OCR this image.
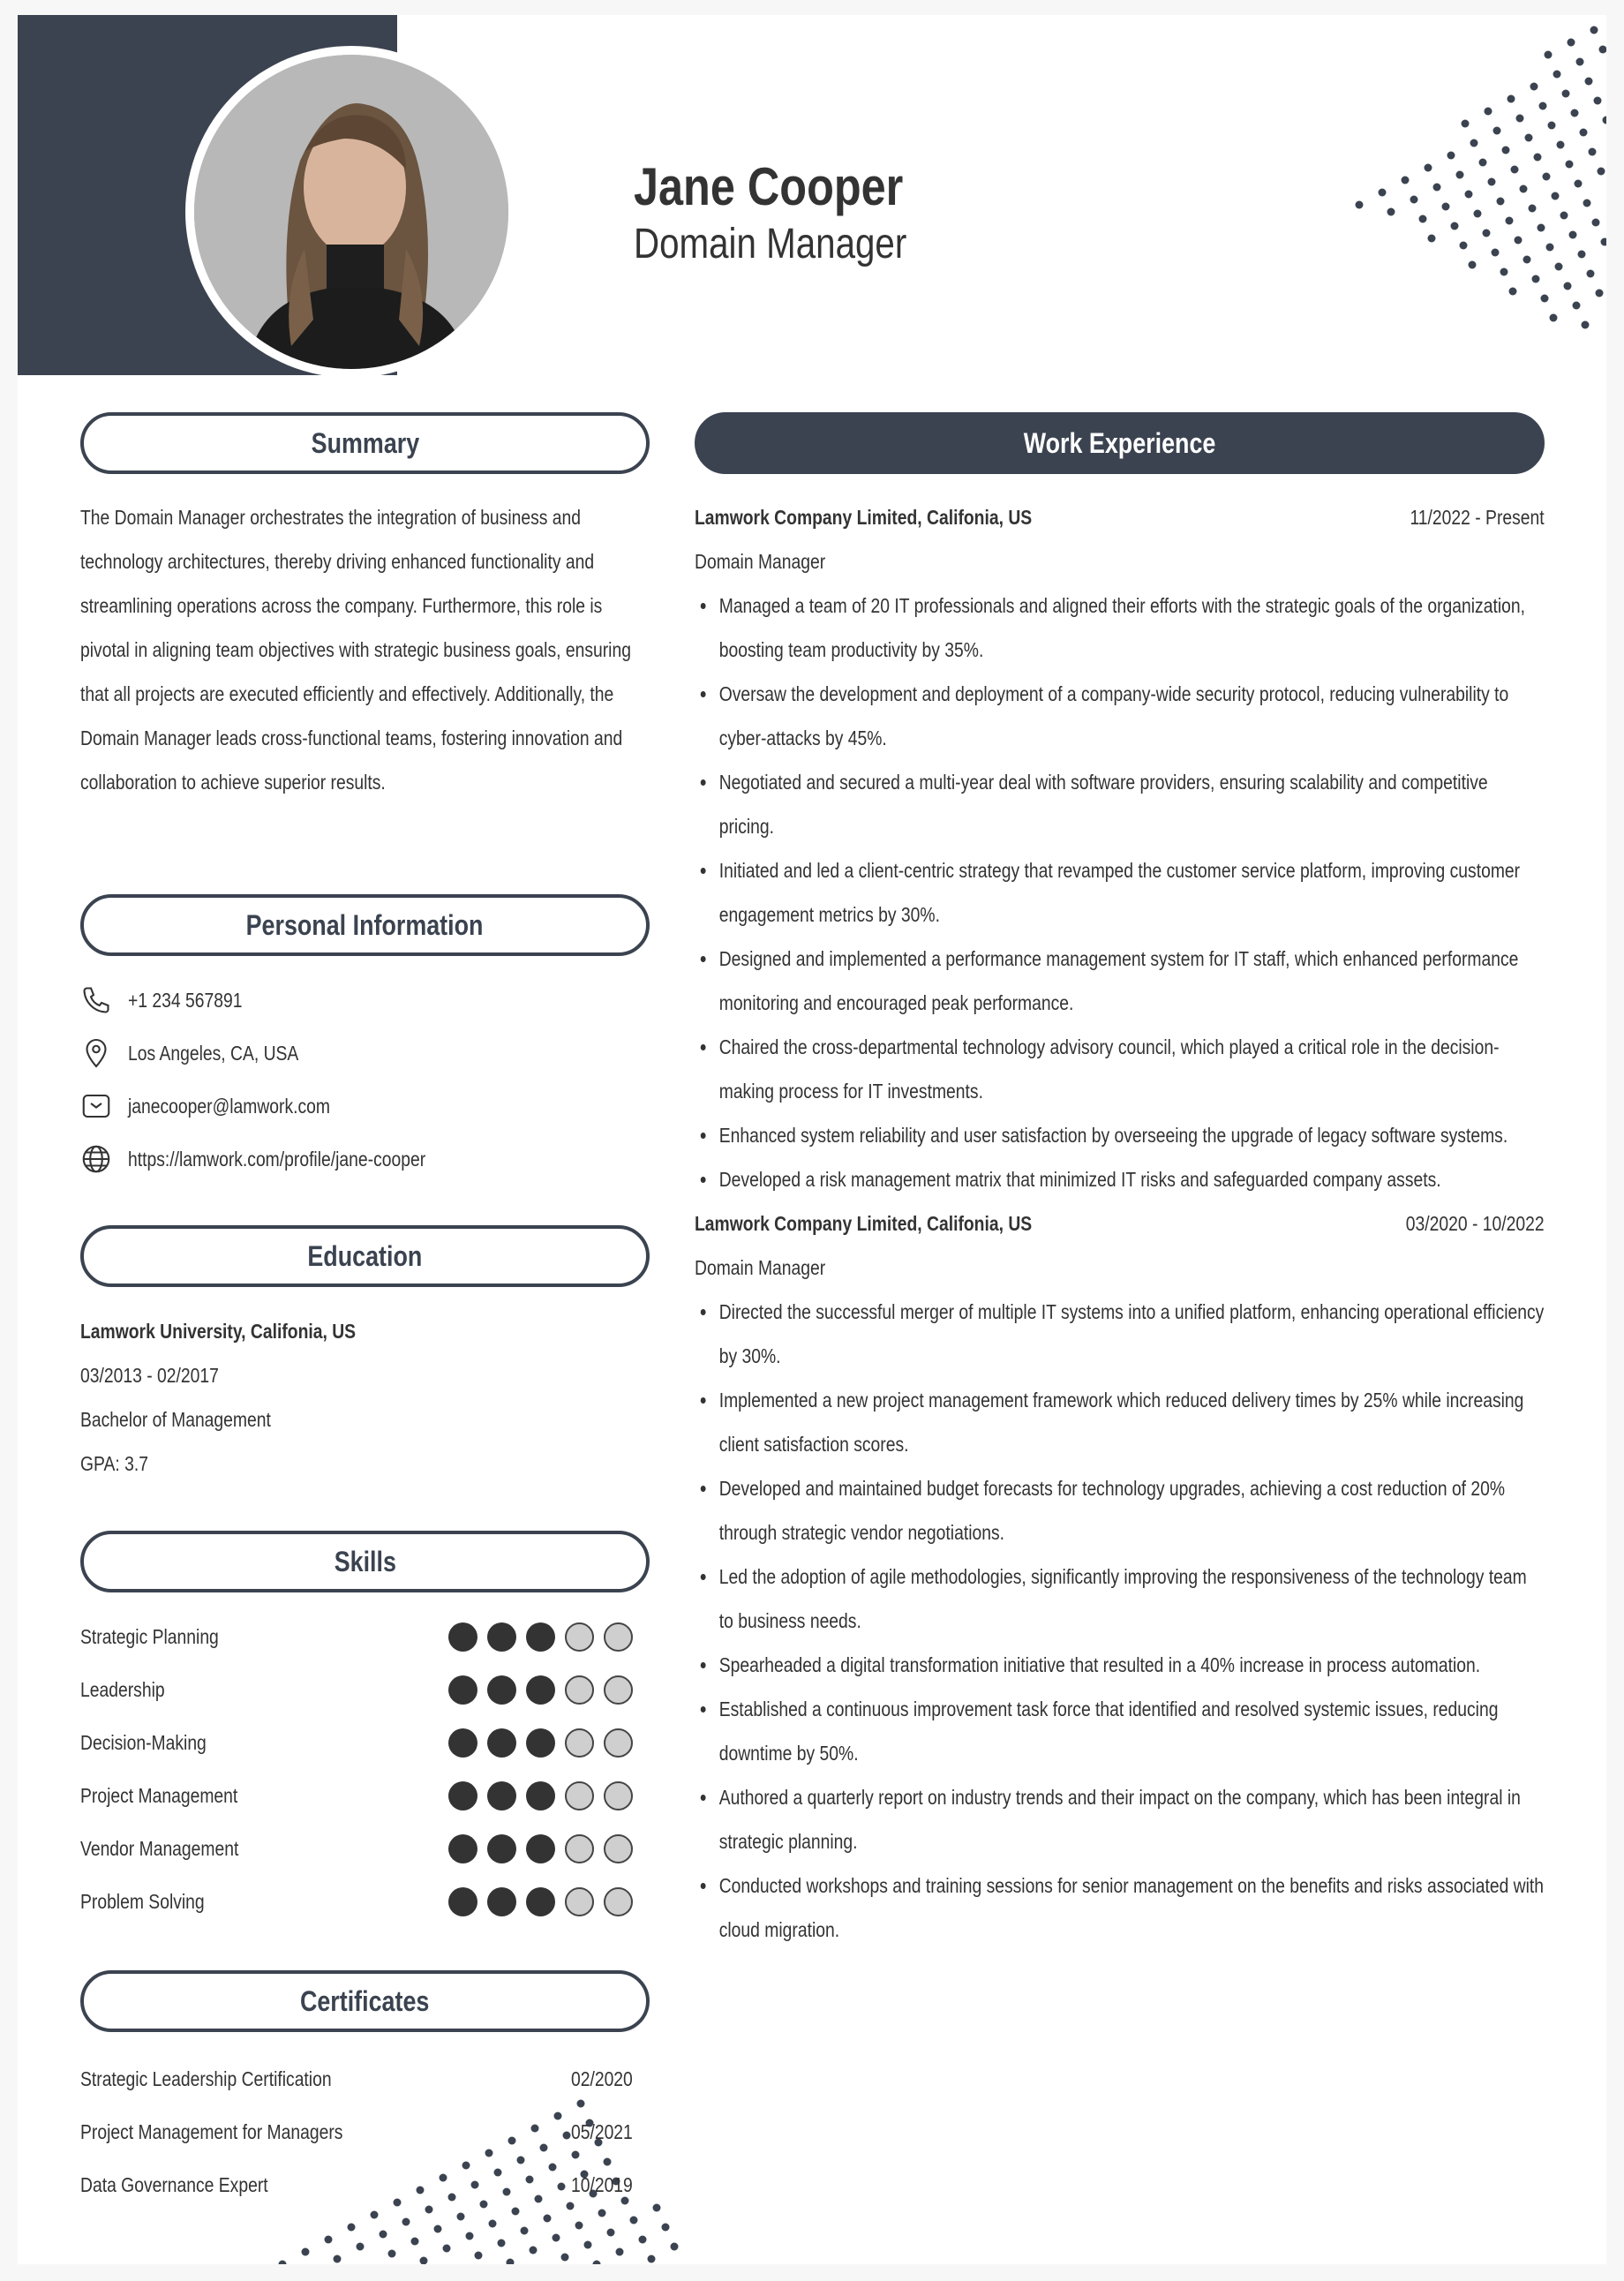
Jane Cooper
Domain Manager
Summary
The Domain Manager orchestrates the integration of business and technology architectures, thereby driving enhanced functionality and streamlining operations across the company. Furthermore, this role is pivotal in aligning team objectives with strategic business goals, ensuring that all projects are executed efficiently and effectively. Additionally, the Domain Manager leads cross-functional teams, fostering innovation and collaboration to achieve superior results.
Personal Information
+1 234 567891
Los Angeles, CA, USA
janecooper@lamwork.com
https://lamwork.com/profile/jane-cooper
Education
Lamwork University, Califonia, US
03/2013 - 02/2017
Bachelor of Management
GPA: 3.7
Skills
Strategic Planning
Leadership
Decision-Making
Project Management
Vendor Management
Problem Solving
Certificates
Strategic Leadership Certification	02/2020
Project Management for Managers	05/2021
Data Governance Expert	10/2019
Work Experience
Lamwork Company Limited, Califonia, US	11/2022 - Present
Domain Manager
Managed a team of 20 IT professionals and aligned their efforts with the strategic goals of the organization, boosting team productivity by 35%.
Oversaw the development and deployment of a company-wide security protocol, reducing vulnerability to cyber-attacks by 45%.
Negotiated and secured a multi-year deal with software providers, ensuring scalability and competitive pricing.
Initiated and led a client-centric strategy that revamped the customer service platform, improving customer engagement metrics by 30%.
Designed and implemented a performance management system for IT staff, which enhanced performance monitoring and encouraged peak performance.
Chaired the cross-departmental technology advisory council, which played a critical role in the decision-making process for IT investments.
Enhanced system reliability and user satisfaction by overseeing the upgrade of legacy software systems.
Developed a risk management matrix that minimized IT risks and safeguarded company assets.
Lamwork Company Limited, Califonia, US	03/2020 - 10/2022
Domain Manager
Directed the successful merger of multiple IT systems into a unified platform, enhancing operational efficiency by 30%.
Implemented a new project management framework which reduced delivery times by 25% while increasing client satisfaction scores.
Developed and maintained budget forecasts for technology upgrades, achieving a cost reduction of 20% through strategic vendor negotiations.
Led the adoption of agile methodologies, significantly improving the responsiveness of the technology team to business needs.
Spearheaded a digital transformation initiative that resulted in a 40% increase in process automation.
Established a continuous improvement task force that identified and resolved systemic issues, reducing downtime by 50%.
Authored a quarterly report on industry trends and their impact on the company, which has been integral in strategic planning.
Conducted workshops and training sessions for senior management on the benefits and risks associated with cloud migration.
